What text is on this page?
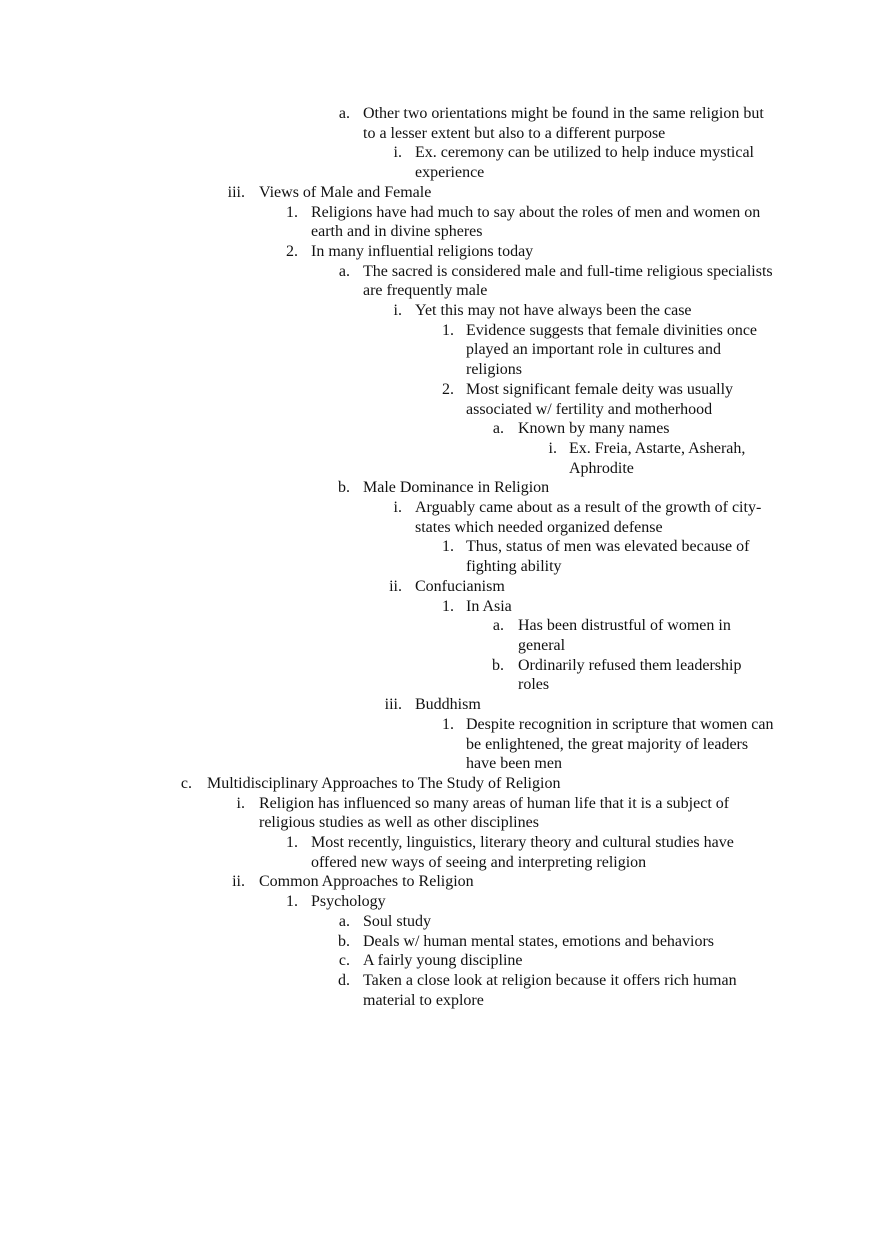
a. Other two orientations might be found in the same religion but to a lesser extent but also to a different purpose
i. Ex. ceremony can be utilized to help induce mystical experience
iii. Views of Male and Female
1. Religions have had much to say about the roles of men and women on earth and in divine spheres
2. In many influential religions today
a. The sacred is considered male and full-time religious specialists are frequently male
i. Yet this may not have always been the case
1. Evidence suggests that female divinities once played an important role in cultures and religions
2. Most significant female deity was usually associated w/ fertility and motherhood
a. Known by many names
i. Ex. Freia, Astarte, Asherah, Aphrodite
b. Male Dominance in Religion
i. Arguably came about as a result of the growth of city-states which needed organized defense
1. Thus, status of men was elevated because of fighting ability
ii. Confucianism
1. In Asia
a. Has been distrustful of women in general
b. Ordinarily refused them leadership roles
iii. Buddhism
1. Despite recognition in scripture that women can be enlightened, the great majority of leaders have been men
c. Multidisciplinary Approaches to The Study of Religion
i. Religion has influenced so many areas of human life that it is a subject of religious studies as well as other disciplines
1. Most recently, linguistics, literary theory and cultural studies have offered new ways of seeing and interpreting religion
ii. Common Approaches to Religion
1. Psychology
a. Soul study
b. Deals w/ human mental states, emotions and behaviors
c. A fairly young discipline
d. Taken a close look at religion because it offers rich human material to explore
